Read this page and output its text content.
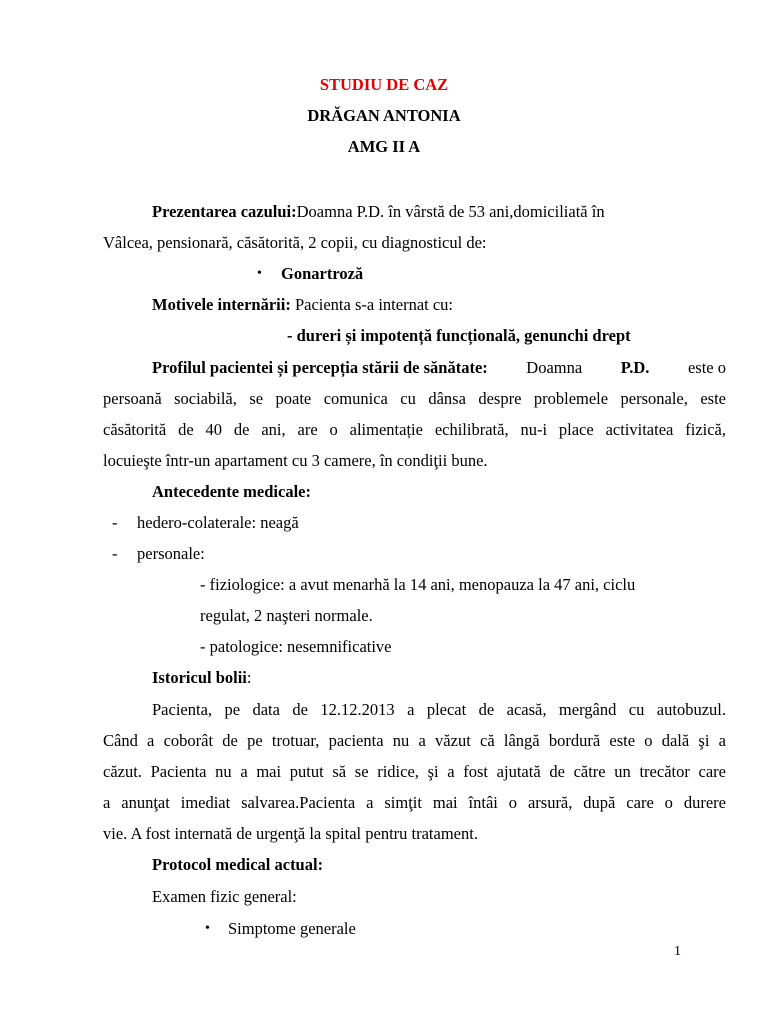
STUDIU DE CAZ
DRĂGAN ANTONIA
AMG II A
Prezentarea cazului:Doamna P.D. în vârstă de 53 ani,domiciliată în
Vâlcea, pensionară, căsătorită, 2 copii, cu diagnosticul de:
• Gonartroză
Motivele internării: Pacienta s-a internat cu:
- dureri și impotență funcțională, genunchi drept
Profilul pacientei și percepția stării de sănătate: Doamna P.D. este o
persoană sociabilă, se poate comunica cu dânsa despre problemele personale, este
căsătorită de 40 de ani, are o alimentație echilibrată, nu-i place activitatea fizică,
locuieşte într-un apartament cu 3 camere, în condiţii bune.
Antecedente medicale:
- hedero-colaterale: neagă
- personale:
- fiziologice: a avut menarhă la 14 ani, menopauza la 47 ani, ciclu
regulat, 2 naşteri normale.
- patologice: nesemnificative
Istoricul bolii:
Pacienta, pe data de 12.12.2013 a plecat de acasă, mergând cu autobuzul.
Când a coborât de pe trotuar, pacienta nu a văzut că lângă bordură este o dală şi a
căzut. Pacienta nu a mai putut să se ridice, şi a fost ajutată de către un trecător care
a anunţat imediat salvarea.Pacienta a simţit mai întâi o arsură, după care o durere
vie. A fost internată de urgenţă la spital pentru tratament.
Protocol medical actual:
Examen fizic general:
• Simptome generale
1
